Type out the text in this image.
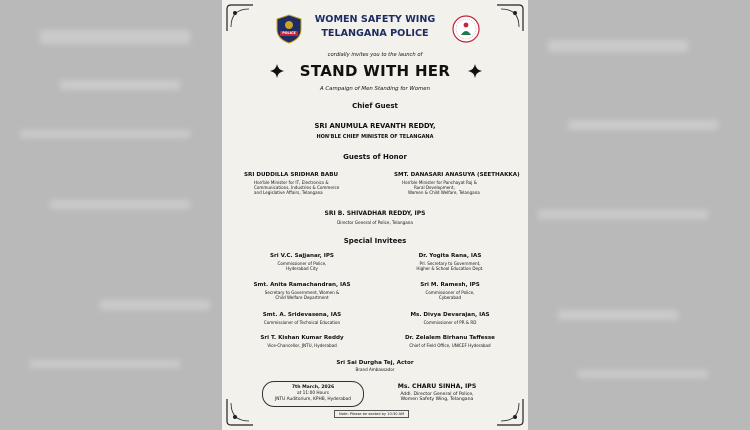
POLICE
WOMEN SAFETY WING
TELANGANA POLICE
cordially invites you to the launch of
STAND WITH HER
A Campaign of Men Standing for Women
Chief Guest
SRI ANUMULA REVANTH REDDY,
HON'BLE CHIEF MINISTER OF TELANGANA
Guests of Honor
SRI DUDDILLA SRIDHAR BABU
Hon'ble Minister for IT, Electronics &
Communications, Industries & Commerce
and Legislative Affairs, Telangana
SMT. DANASARI ANASUYA (SEETHAKKA)
Hon'ble Minister for Panchayat Raj &
Rural Development,
Women & Child Welfare, Telangana
SRI B. SHIVADHAR REDDY, IPS
Director General of Police, Telangana
Special Invitees
Sri V.C. Sajjanar, IPS
Commissioner of Police,
Hyderabad City
Dr. Yogita Rana, IAS
Prl. Secretary to Government,
Higher & School Education Dept.
Smt. Anita Ramachandran, IAS
Secretary to Government, Women &
Child Welfare Department
Sri M. Ramesh, IPS
Commissioner of Police,
Cyberabad
Smt. A. Sridevasena, IAS
Commissioner of Technical Education
Ms. Divya Devarajan, IAS
Commissioner of PR & RD
Sri T. Kishan Kumar Reddy
Vice-Chancellor, JNTU, Hyderabad
Dr. Zelalem Birhanu Taffesse
Chief of Field Office, UNICEF Hyderabad
Sri Sai Durgha Tej, Actor
Brand Ambassador
7th March, 2026
at 11:00 Hours
JNTU Auditorium, KPHB, Hyderabad
Ms. CHARU SINHA, IPS
Addl. Director General of Police,
Women Safety Wing, Telangana
Note: Please be seated by 10:30 AM
